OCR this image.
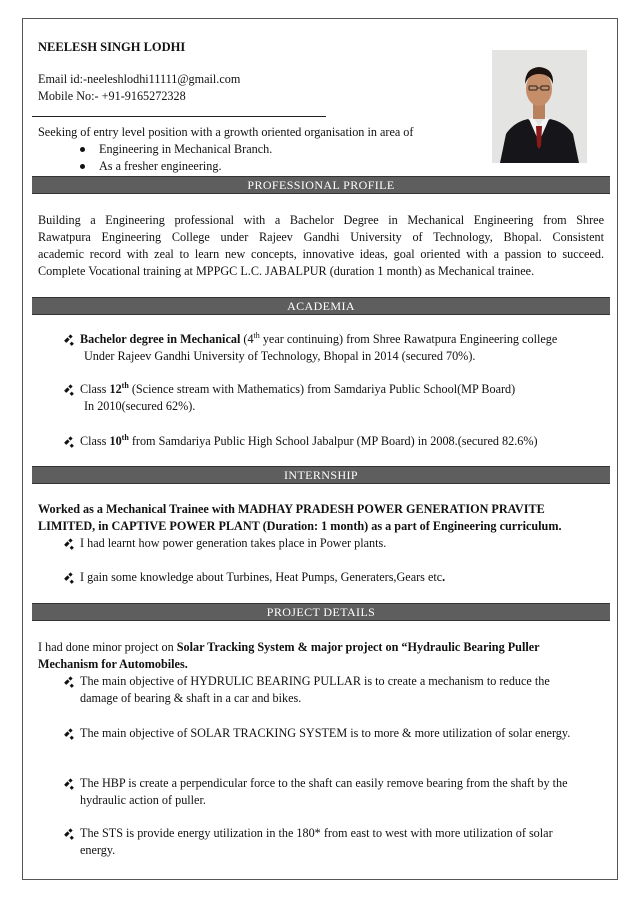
NEELESH SINGH LODHI
Email id:-neeleshlodhi11111@gmail.com
Mobile No:- +91-9165272328
Seeking of entry level position with a growth oriented organisation in area of
Engineering in Mechanical Branch.
As a fresher engineering.
PROFESSIONAL PROFILE
Building a Engineering professional with a Bachelor Degree in Mechanical Engineering from Shree
Rawatpura Engineering College under Rajeev Gandhi University of Technology, Bhopal. Consistent
academic record with zeal to learn new concepts, innovative ideas, goal oriented with a passion to succeed.
Complete Vocational training at MPPGC L.C. JABALPUR (duration 1 month) as Mechanical trainee.
ACADEMIA
Bachelor degree in Mechanical (4th year continuing) from Shree Rawatpura Engineering college
Under Rajeev Gandhi University of Technology, Bhopal in 2014 (secured 70%).
Class 12th (Science stream with Mathematics) from Samdariya Public School(MP Board)
In 2010(secured 62%).
Class 10th from Samdariya Public High School Jabalpur (MP Board) in 2008.(secured 82.6%)
INTERNSHIP
Worked as a Mechanical Trainee with MADHAY PRADESH POWER GENERATION PRAVITE
LIMITED, in CAPTIVE POWER PLANT (Duration: 1 month) as a part of Engineering curriculum.
I had learnt how power generation takes place in Power plants.
I gain some knowledge about Turbines, Heat Pumps, Generaters,Gears etc.
PROJECT DETAILS
I had done minor project on Solar Tracking System & major project on “Hydraulic Bearing Puller
Mechanism for Automobiles.
The main objective of HYDRULIC BEARING PULLAR is to create a mechanism to reduce the
damage of bearing & shaft in a car and bikes.
The main objective of SOLAR TRACKING SYSTEM is to more & more utilization of solar energy.
The HBP is create a perpendicular force to the shaft can easily remove bearing from the shaft by the
hydraulic action of puller.
The STS is provide energy utilization in the 180* from east to west with more utilization of solar
energy.
